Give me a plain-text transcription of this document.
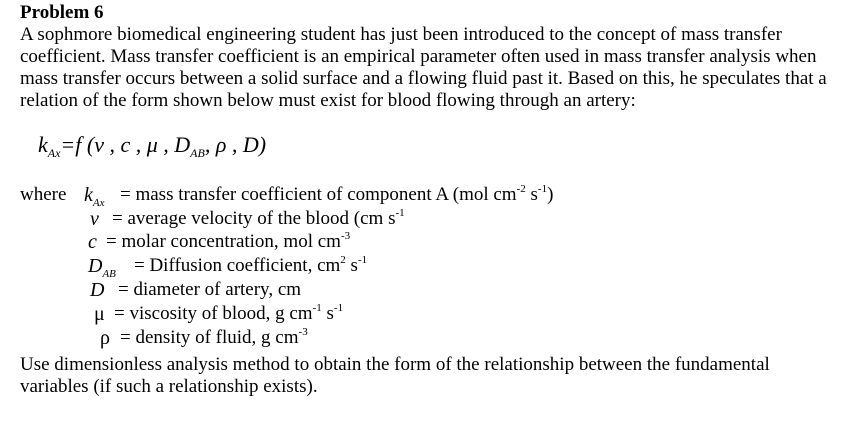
Problem 6

A sophmore biomedical engineering student has just been introduced to the concept of mass transfer coefficient. Mass transfer coefficient is an empirical parameter often used in mass transfer analysis when mass transfer occurs between a solid surface and a flowing fluid past it. Based on this, he speculates that a relation of the form shown below must exist for blood flowing through an artery:

$k_{Ax}=f$ (v , c , μ , $D_{AB}$, ρ , D)
where $k_{Ax}$ = mass transfer coefficient of component A (mol $cm^{-2}$ $s^{-1}$)
v = average velocity of the blood (cm $s^{-1}$
c = molar concentration, mol $cm^{-3}$
$D_{AB}$ = Diffusion coefficient, $cm^2$ $s^{-1}$
D = diameter of artery, cm
μ = viscosity of blood, g $cm^{-1}$ $s^{-1}$
ρ = density of fluid, g $cm^{-3}$

Use dimensionless analysis method to obtain the form of the relationship between the fundamental variables (if such a relationship exists).
